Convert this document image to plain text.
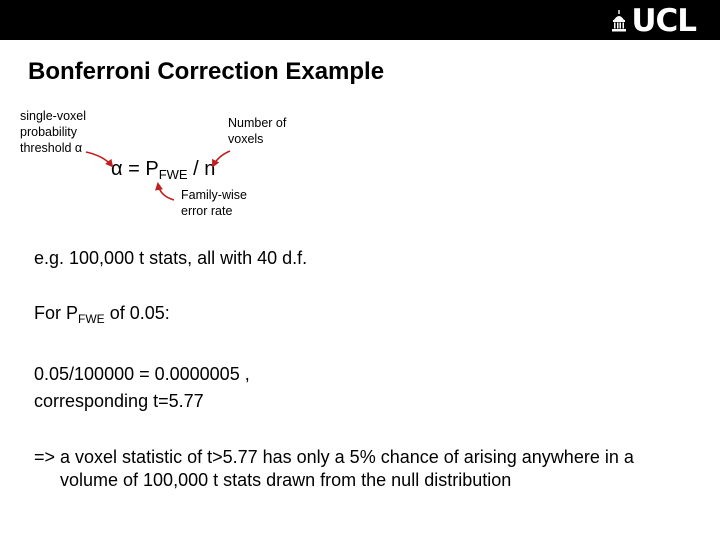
UCL
Bonferroni Correction Example
single-voxel probability threshold α
Number of voxels
Family-wise error rate
$\alpha = P_{FWE} / n$
e.g. 100,000 t stats, all with 40 d.f.
For $P_{FWE}$ of 0.05:
0.05/100000 = 0.0000005 ,
corresponding t=5.77
=> a voxel statistic of t>5.77 has only a 5% chance of arising anywhere in a volume of 100,000 t stats drawn from the null distribution
